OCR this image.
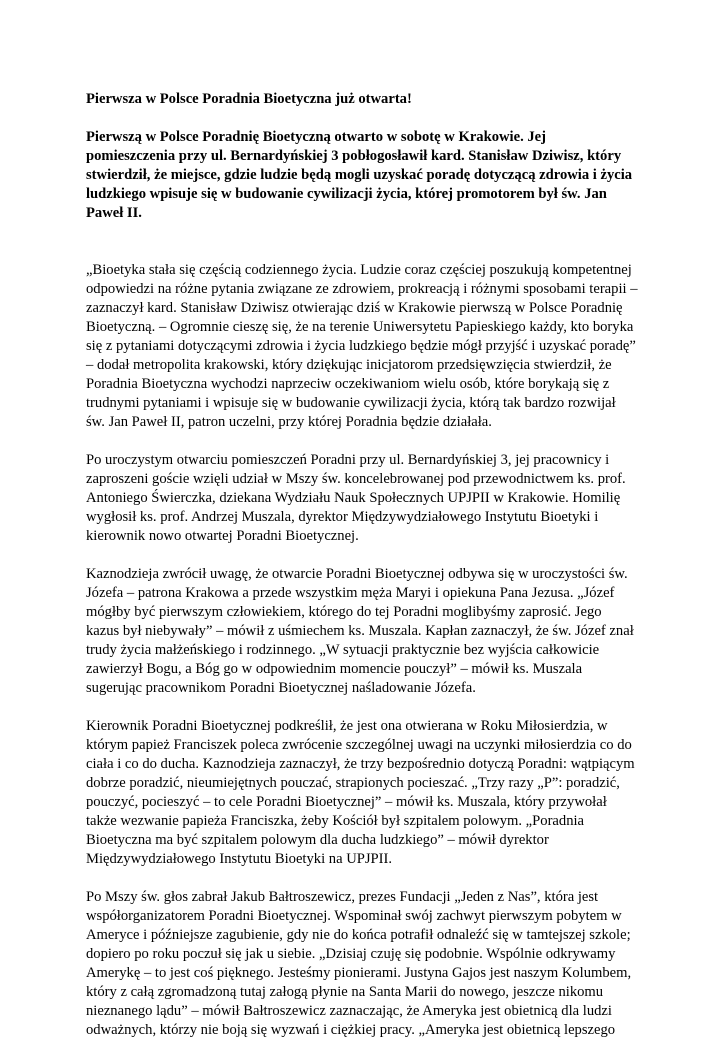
Pierwsza w Polsce Poradnia Bioetyczna już otwarta!
Pierwszą w Polsce Poradnię Bioetyczną otwarto w sobotę w Krakowie. Jej
pomieszczenia przy ul. Bernardyńskiej 3 pobłogosławił kard. Stanisław Dziwisz, który
stwierdził, że miejsce, gdzie ludzie będą mogli uzyskać poradę dotyczącą zdrowia i życia
ludzkiego wpisuje się w budowanie cywilizacji życia, której promotorem był św. Jan
Paweł II.
„Bioetyka stała się częścią codziennego życia. Ludzie coraz częściej poszukują kompetentnej
odpowiedzi na różne pytania związane ze zdrowiem, prokreacją i różnymi sposobami terapii –
zaznaczył kard. Stanisław Dziwisz otwierając dziś w Krakowie pierwszą w Polsce Poradnię
Bioetyczną. – Ogromnie cieszę się, że na terenie Uniwersytetu Papieskiego każdy, kto boryka
się z pytaniami dotyczącymi zdrowia i życia ludzkiego będzie mógł przyjść i uzyskać poradę”
– dodał metropolita krakowski, który dziękując inicjatorom przedsięwzięcia stwierdził, że
Poradnia Bioetyczna wychodzi naprzeciw oczekiwaniom wielu osób, które borykają się z
trudnymi pytaniami i wpisuje się w budowanie cywilizacji życia, którą tak bardzo rozwijał
św. Jan Paweł II, patron uczelni, przy której Poradnia będzie działała.
Po uroczystym otwarciu pomieszczeń Poradni przy ul. Bernardyńskiej 3, jej pracownicy i
zaproszeni goście wzięli udział w Mszy św. koncelebrowanej pod przewodnictwem ks. prof.
Antoniego Świerczka, dziekana Wydziału Nauk Społecznych UPJPII w Krakowie. Homilię
wygłosił ks. prof. Andrzej Muszala, dyrektor Międzywydziałowego Instytutu Bioetyki i
kierownik nowo otwartej Poradni Bioetycznej.
Kaznodzieja zwrócił uwagę, że otwarcie Poradni Bioetycznej odbywa się w uroczystości św.
Józefa – patrona Krakowa a przede wszystkim męża Maryi i opiekuna Pana Jezusa. „Józef
mógłby być pierwszym człowiekiem, którego do tej Poradni moglibyśmy zaprosić. Jego
kazus był niebywały” – mówił z uśmiechem ks. Muszala. Kapłan zaznaczył, że św. Józef znał
trudy życia małżeńskiego i rodzinnego. „W sytuacji praktycznie bez wyjścia całkowicie
zawierzył Bogu, a Bóg go w odpowiednim momencie pouczył” – mówił ks. Muszala
sugerując pracownikom Poradni Bioetycznej naśladowanie Józefa.
Kierownik Poradni Bioetycznej podkreślił, że jest ona otwierana w Roku Miłosierdzia, w
którym papież Franciszek poleca zwrócenie szczególnej uwagi na uczynki miłosierdzia co do
ciała i co do ducha. Kaznodzieja zaznaczył, że trzy bezpośrednio dotyczą Poradni: wątpiącym
dobrze poradzić, nieumiejętnych pouczać, strapionych pocieszać. „Trzy razy „P”: poradzić,
pouczyć, pocieszyć – to cele Poradni Bioetycznej” – mówił ks. Muszala, który przywołał
także wezwanie papieża Franciszka, żeby Kościół był szpitalem polowym. „Poradnia
Bioetyczna ma być szpitalem polowym dla ducha ludzkiego” – mówił dyrektor
Międzywydziałowego Instytutu Bioetyki na UPJPII.
Po Mszy św. głos zabrał Jakub Bałtroszewicz, prezes Fundacji „Jeden z Nas”, która jest
współorganizatorem Poradni Bioetycznej. Wspominał swój zachwyt pierwszym pobytem w
Ameryce i późniejsze zagubienie, gdy nie do końca potrafił odnaleźć się w tamtejszej szkole;
dopiero po roku poczuł się jak u siebie. „Dzisiaj czuję się podobnie. Wspólnie odkrywamy
Amerykę – to jest coś pięknego. Jesteśmy pionierami. Justyna Gajos jest naszym Kolumbem,
który z całą zgromadzoną tutaj załogą płynie na Santa Marii do nowego, jeszcze nikomu
nieznanego lądu” – mówił Bałtroszewicz zaznaczając, że Ameryka jest obietnicą dla ludzi
odważnych, którzy nie boją się wyzwań i ciężkiej pracy. „Ameryka jest obietnicą lepszego
